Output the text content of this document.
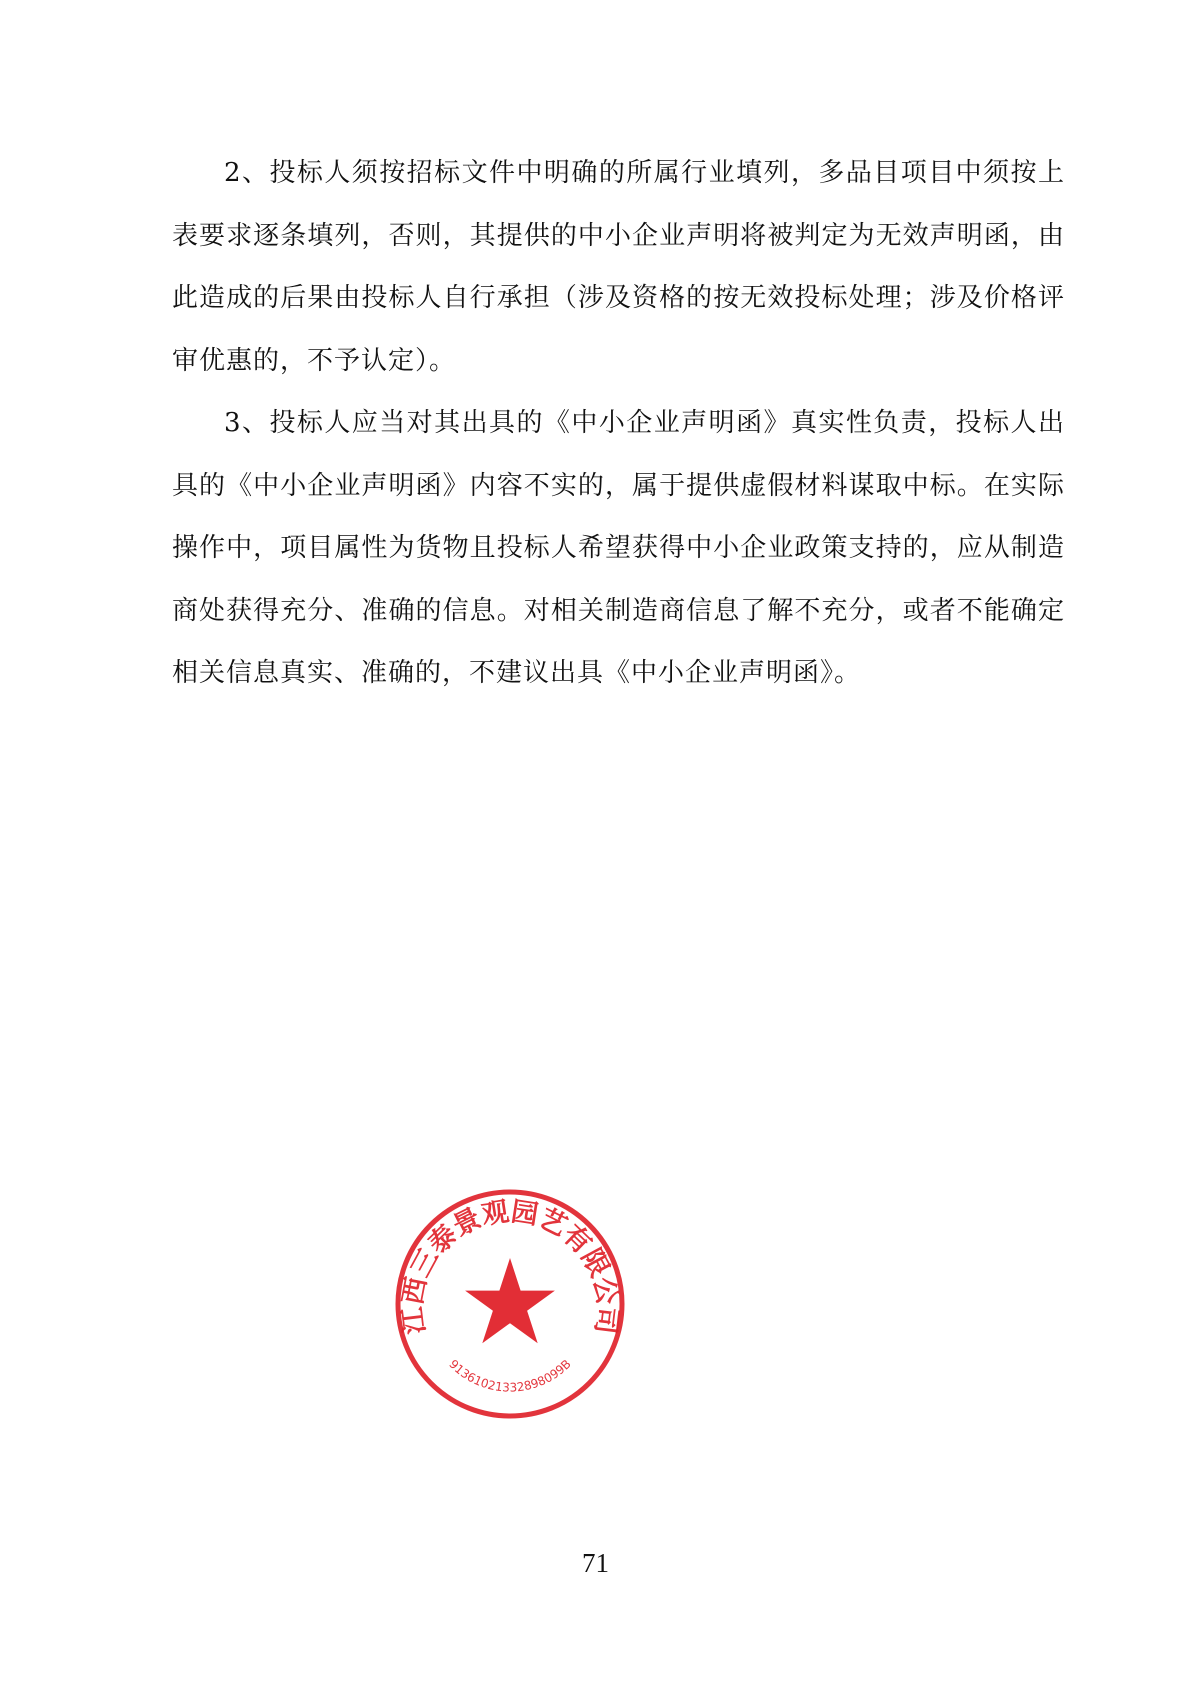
2、投标人须按招标文件中明确的所属行业填列，多品目项目中须按上表要求逐条填列，否则，其提供的中小企业声明将被判定为无效声明函，由此造成的后果由投标人自行承担（涉及资格的按无效投标处理；涉及价格评审优惠的，不予认定）。

3、投标人应当对其出具的《中小企业声明函》真实性负责，投标人出具的《中小企业声明函》内容不实的，属于提供虚假材料谋取中标。在实际操作中，项目属性为货物且投标人希望获得中小企业政策支持的，应从制造商处获得充分、准确的信息。对相关制造商信息了解不充分，或者不能确定相关信息真实、准确的，不建议出具《中小企业声明函》。

江西三泰景观园艺有限公司
91361021332898099B
71
